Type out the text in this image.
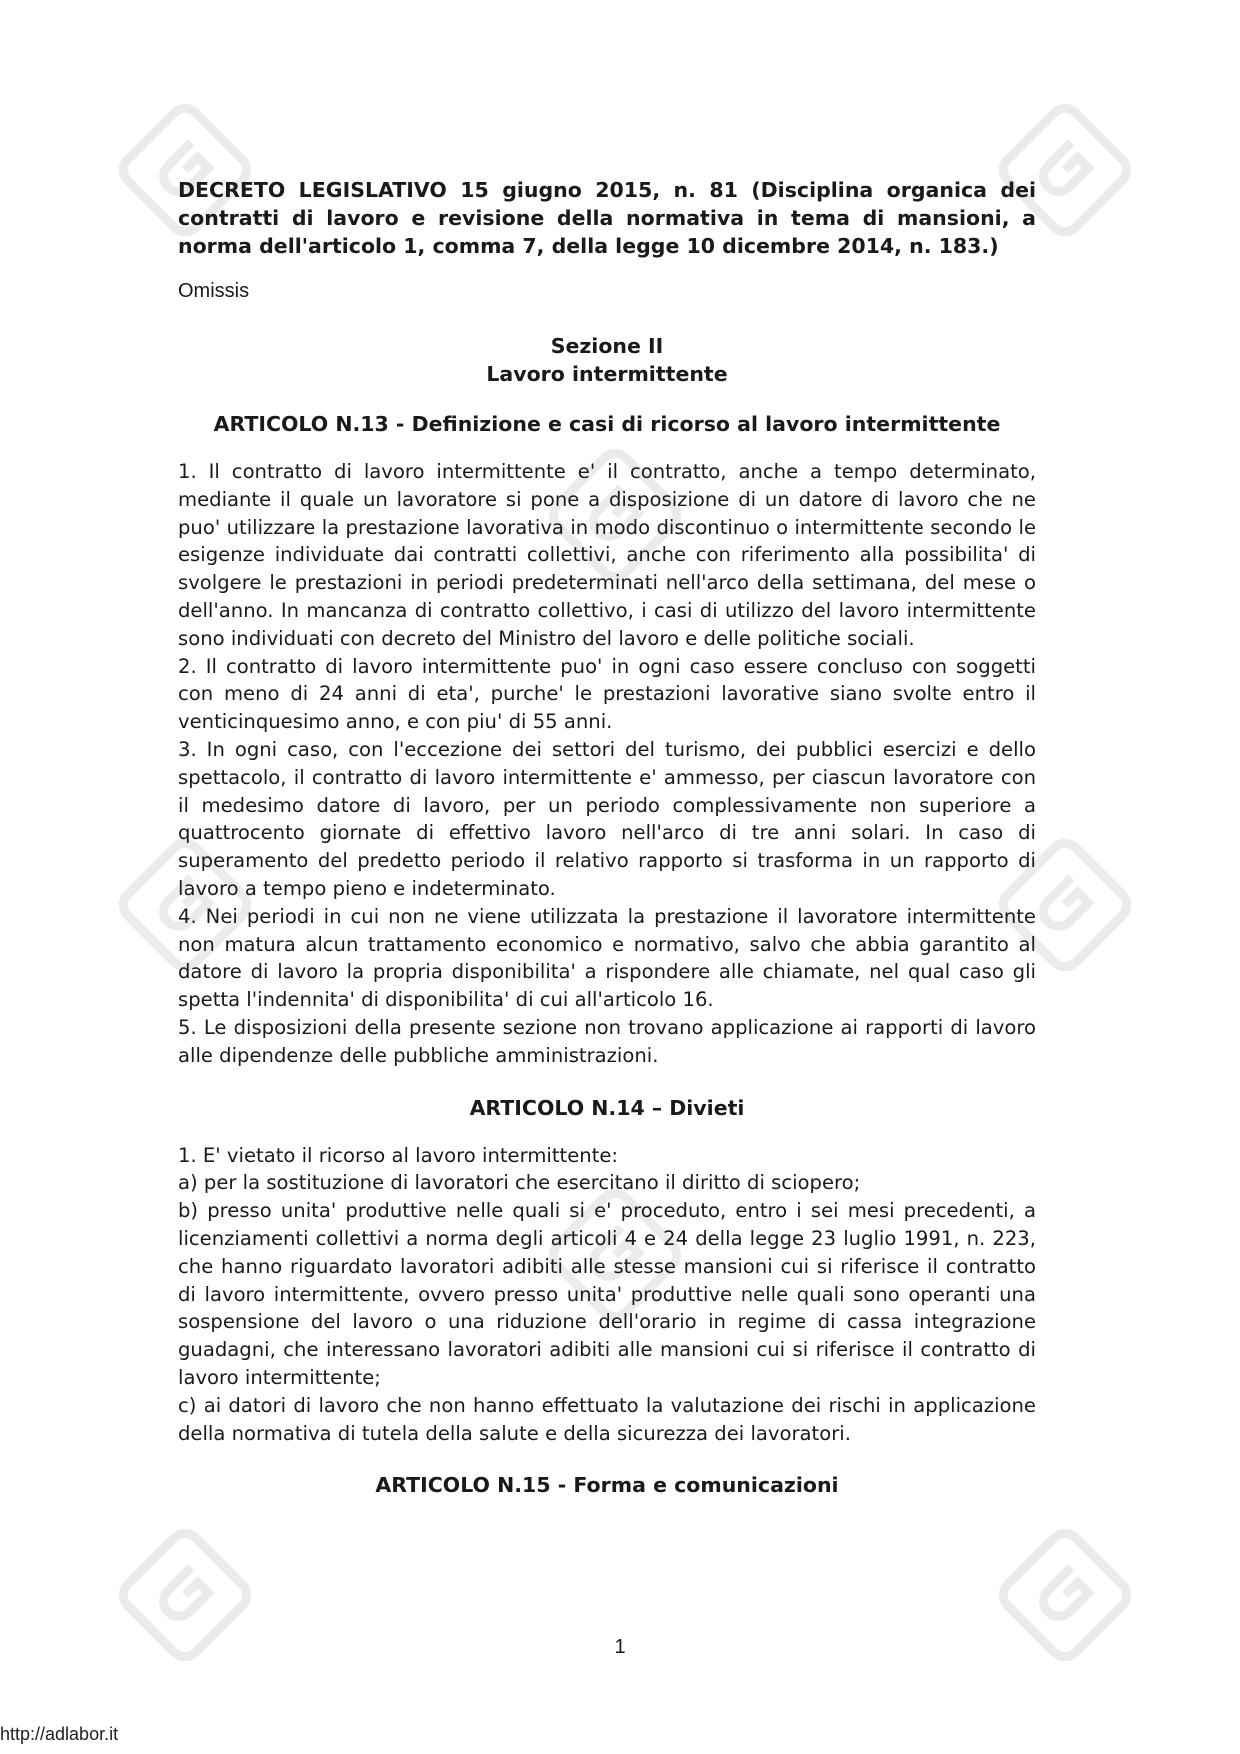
DECRETO LEGISLATIVO 15 giugno 2015, n. 81 (Disciplina organica dei contratti di lavoro e revisione della normativa in tema di mansioni, a norma dell'articolo 1, comma 7, della legge 10 dicembre 2014, n. 183.)

Omissis

Sezione II
Lavoro intermittente
ARTICOLO N.13 - Definizione e casi di ricorso al lavoro intermittente

1. Il contratto di lavoro intermittente e' il contratto, anche a tempo determinato, mediante il quale un lavoratore si pone a disposizione di un datore di lavoro che ne puo' utilizzare la prestazione lavorativa in modo discontinuo o intermittente secondo le esigenze individuate dai contratti collettivi, anche con riferimento alla possibilita' di svolgere le prestazioni in periodi predeterminati nell'arco della settimana, del mese o dell'anno. In mancanza di contratto collettivo, i casi di utilizzo del lavoro intermittente sono individuati con decreto del Ministro del lavoro e delle politiche sociali.

2. Il contratto di lavoro intermittente puo' in ogni caso essere concluso con soggetti con meno di 24 anni di eta', purche' le prestazioni lavorative siano svolte entro il venticinquesimo anno, e con piu' di 55 anni.

3. In ogni caso, con l'eccezione dei settori del turismo, dei pubblici esercizi e dello spettacolo, il contratto di lavoro intermittente e' ammesso, per ciascun lavoratore con il medesimo datore di lavoro, per un periodo complessivamente non superiore a quattrocento giornate di effettivo lavoro nell'arco di tre anni solari. In caso di superamento del predetto periodo il relativo rapporto si trasforma in un rapporto di lavoro a tempo pieno e indeterminato.

4. Nei periodi in cui non ne viene utilizzata la prestazione il lavoratore intermittente non matura alcun trattamento economico e normativo, salvo che abbia garantito al datore di lavoro la propria disponibilita' a rispondere alle chiamate, nel qual caso gli spetta l'indennita' di disponibilita' di cui all'articolo 16.

5. Le disposizioni della presente sezione non trovano applicazione ai rapporti di lavoro alle dipendenze delle pubbliche amministrazioni.

ARTICOLO N.14 – Divieti

1. E' vietato il ricorso al lavoro intermittente:

a) per la sostituzione di lavoratori che esercitano il diritto di sciopero;

b) presso unita' produttive nelle quali si e' proceduto, entro i sei mesi precedenti, a licenziamenti collettivi a norma degli articoli 4 e 24 della legge 23 luglio 1991, n. 223, che hanno riguardato lavoratori adibiti alle stesse mansioni cui si riferisce il contratto di lavoro intermittente, ovvero presso unita' produttive nelle quali sono operanti una sospensione del lavoro o una riduzione dell'orario in regime di cassa integrazione guadagni, che interessano lavoratori adibiti alle mansioni cui si riferisce il contratto di lavoro intermittente;

c) ai datori di lavoro che non hanno effettuato la valutazione dei rischi in applicazione della normativa di tutela della salute e della sicurezza dei lavoratori.

ARTICOLO N.15 - Forma e comunicazioni
1
http://adlabor.it
